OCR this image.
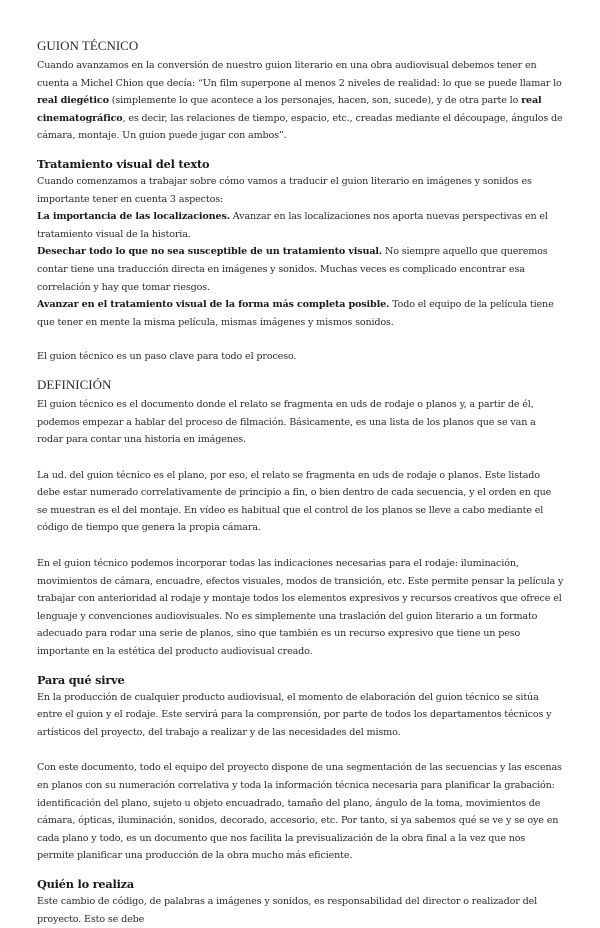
GUION TÉCNICO

Cuando avanzamos en la conversión de nuestro guion literario en una obra audiovisual debemos tener en cuenta a Michel Chion que decía: “Un film superpone al menos 2 niveles de realidad: lo que se puede llamar lo real diegético (simplemente lo que acontece a los personajes, hacen, son, sucede), y de otra parte lo real cinematográfico, es decir, las relaciones de tiempo, espacio, etc., creadas mediante el découpage, ángulos de cámara, montaje. Un guion puede jugar con ambos”.

Tratamiento visual del texto

Cuando comenzamos a trabajar sobre cómo vamos a traducir el guion literario en imágenes y sonidos es importante tener en cuenta 3 aspectos:

La importancia de las localizaciones. Avanzar en las localizaciones nos aporta nuevas perspectivas en el tratamiento visual de la historia.

Desechar todo lo que no sea susceptible de un tratamiento visual. No siempre aquello que queremos contar tiene una traducción directa en imágenes y sonidos. Muchas veces es complicado encontrar esa correlación y hay que tomar riesgos.

Avanzar en el tratamiento visual de la forma más completa posible. Todo el equipo de la película tiene que tener en mente la misma película, mismas imágenes y mismos sonidos.

El guion técnico es un paso clave para todo el proceso.

DEFINICIÓN

El guion técnico es el documento donde el relato se fragmenta en uds de rodaje o planos y, a partir de él, podemos empezar a hablar del proceso de filmación. Básicamente, es una lista de los planos que se van a rodar para contar una historia en imágenes.

La ud. del guion técnico es el plano, por eso, el relato se fragmenta en uds de rodaje o planos. Este listado debe estar numerado correlativamente de principio a fin, o bien dentro de cada secuencia, y el orden en que se muestran es el del montaje. En vídeo es habitual que el control de los planos se lleve a cabo mediante el código de tiempo que genera la propia cámara.

En el guion técnico podemos incorporar todas las indicaciones necesarias para el rodaje: iluminación, movimientos de cámara, encuadre, efectos visuales, modos de transición, etc. Este permite pensar la película y trabajar con anterioridad al rodaje y montaje todos los elementos expresivos y recursos creativos que ofrece el lenguaje y convenciones audiovisuales. No es simplemente una traslación del guion literario a un formato adecuado para rodar una serie de planos, sino que también es un recurso expresivo que tiene un peso importante en la estética del producto audiovisual creado.

Para qué sirve

En la producción de cualquier producto audiovisual, el momento de elaboración del guion técnico se sitúa entre el guion y el rodaje. Este servirá para la comprensión, por parte de todos los departamentos técnicos y artísticos del proyecto, del trabajo a realizar y de las necesidades del mismo.

Con este documento, todo el equipo del proyecto dispone de una segmentación de las secuencias y las escenas en planos con su numeración correlativa y toda la información técnica necesaria para planificar la grabación: identificación del plano, sujeto u objeto encuadrado, tamaño del plano, ángulo de la toma, movimientos de cámara, ópticas, iluminación, sonidos, decorado, accesorio, etc. Por tanto, si ya sabemos qué se ve y se oye en cada plano y todo, es un documento que nos facilita la previsualización de la obra final a la vez que nos permite planificar una producción de la obra mucho más eficiente.

Quién lo realiza

Este cambio de código, de palabras a imágenes y sonidos, es responsabilidad del director o realizador del proyecto. Esto se debe
